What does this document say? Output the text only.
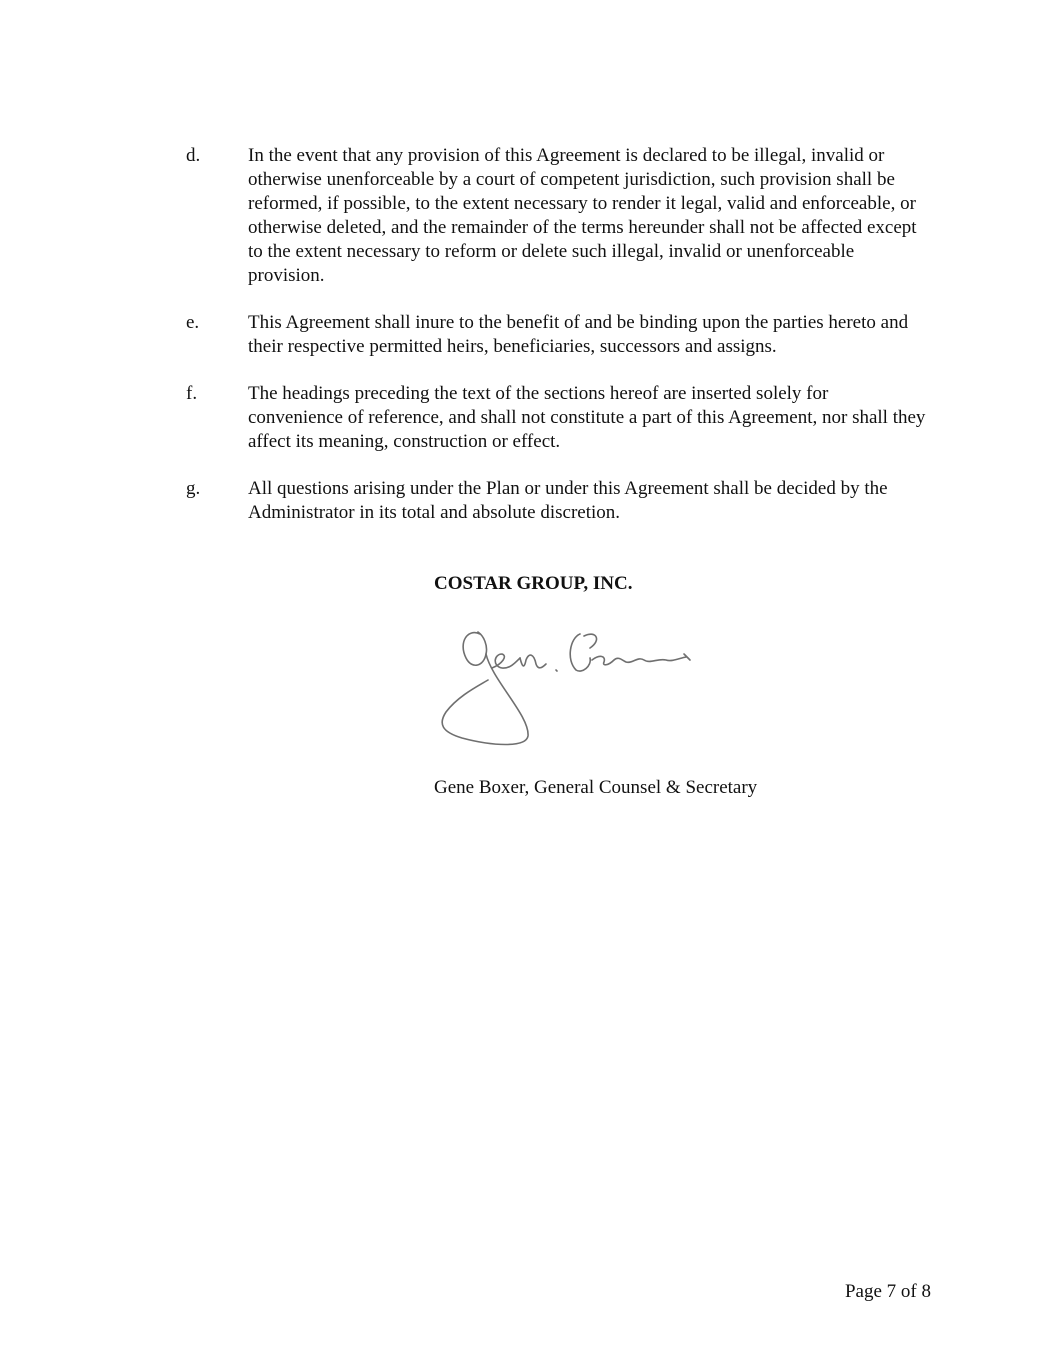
d.	In the event that any provision of this Agreement is declared to be illegal, invalid or otherwise unenforceable by a court of competent jurisdiction, such provision shall be reformed, if possible, to the extent necessary to render it legal, valid and enforceable, or otherwise deleted, and the remainder of the terms hereunder shall not be affected except to the extent necessary to reform or delete such illegal, invalid or unenforceable provision.
e.	This Agreement shall inure to the benefit of and be binding upon the parties hereto and their respective permitted heirs, beneficiaries, successors and assigns.
f.	The headings preceding the text of the sections hereof are inserted solely for convenience of reference, and shall not constitute a part of this Agreement, nor shall they affect its meaning, construction or effect.
g.	All questions arising under the Plan or under this Agreement shall be decided by the Administrator in its total and absolute discretion.
COSTAR GROUP, INC.
Gene Boxer, General Counsel & Secretary
Page 7 of 8
